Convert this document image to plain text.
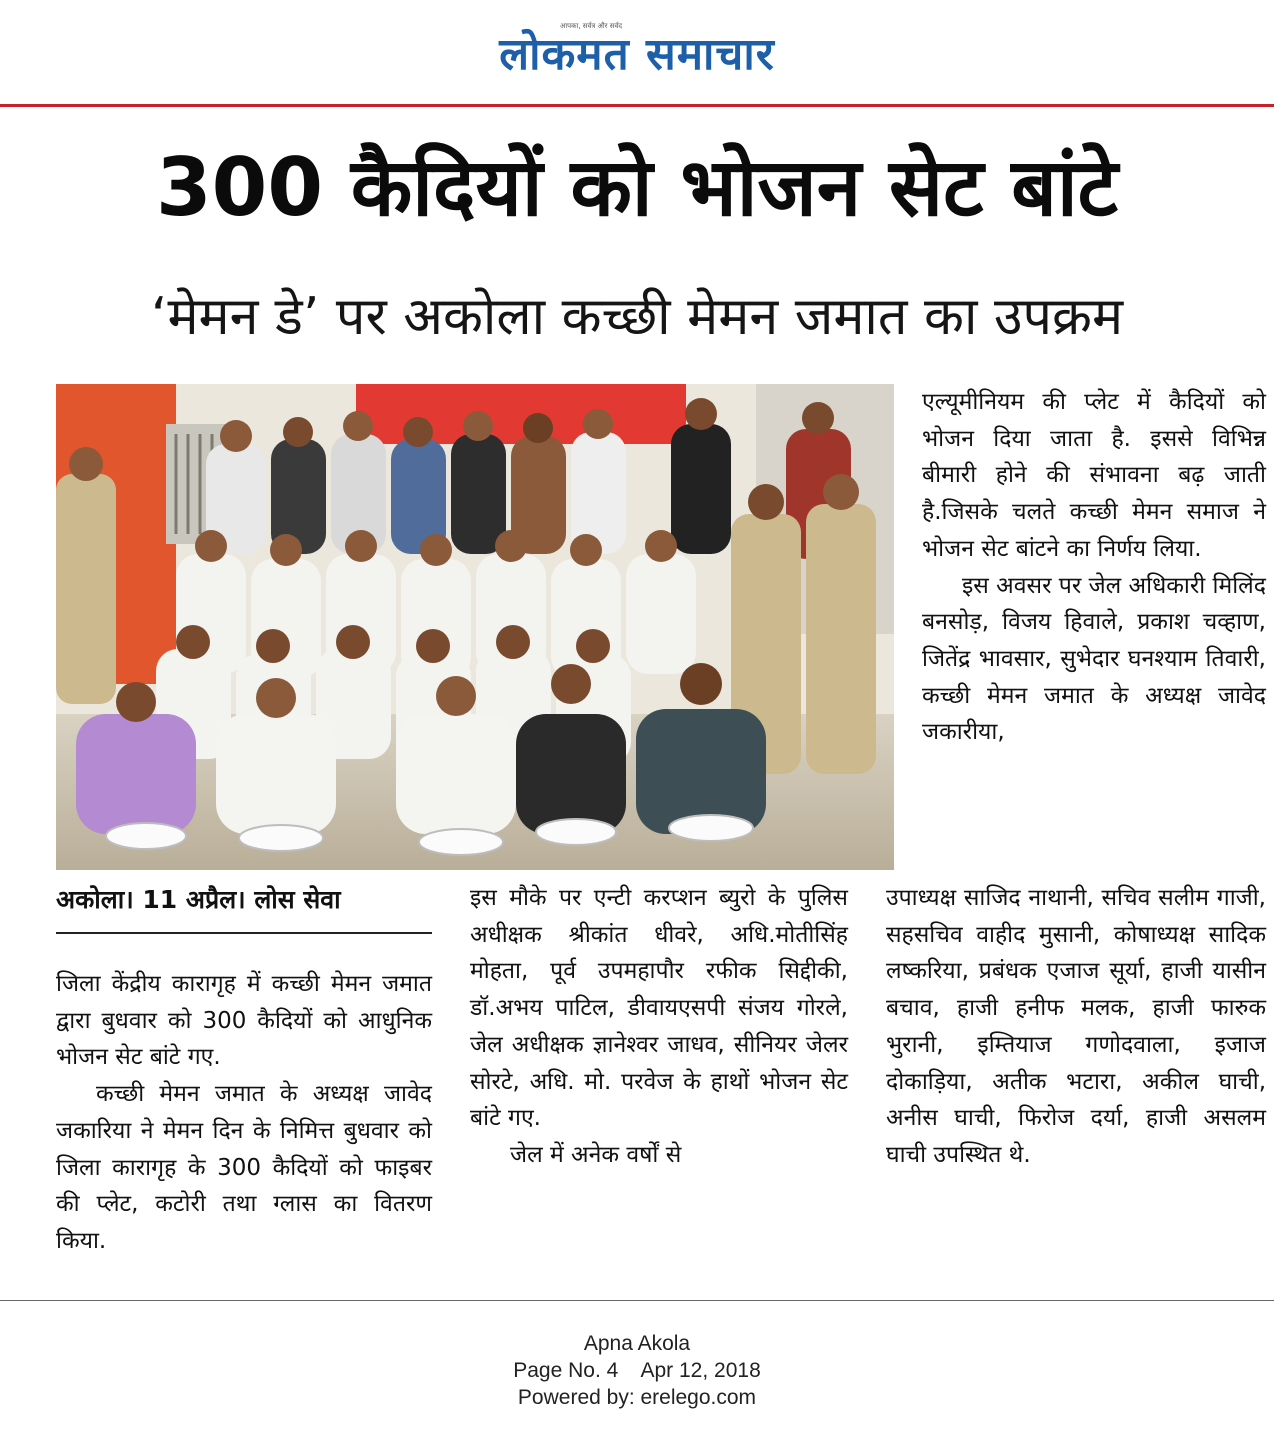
आपका, सर्वत्र और सर्वद
लोकमत समाचार
300 कैदियों को भोजन सेट बांटे
‘मेमन डे’ पर अकोला कच्छी मेमन जमात का उपक्रम
अकोला। 11 अप्रैल। लोस सेवा

जिला केंद्रीय कारागृह में कच्छी मेमन जमात द्वारा बुधवार को 300 कैदियों को आधुनिक भोजन सेट बांटे गए.

कच्छी मेमन जमात के अध्यक्ष जावेद जकारिया ने मेमन दिन के निमित्त बुधवार को जिला कारागृह के 300 कैदियों को फाइबर की प्लेट, कटोरी तथा ग्लास का वितरण किया.

इस मौके पर एन्टी करप्शन ब्युरो के पुलिस अधीक्षक श्रीकांत धीवरे, अधि.मोतीसिंह मोहता, पूर्व उपमहापौर रफीक सिद्दीकी, डॉ.अभय पाटिल, डीवायएसपी संजय गोरले, जेल अधीक्षक ज्ञानेश्वर जाधव, सीनियर जेलर सोरटे, अधि. मो. परवेज के हाथों भोजन सेट बांटे गए.

जेल में अनेक वर्षों से

एल्यूमीनियम की प्लेट में कैदियों को भोजन दिया जाता है. इससे विभिन्न बीमारी होने की संभावना बढ़ जाती है.जिसके चलते कच्छी मेमन समाज ने भोजन सेट बांटने का निर्णय लिया.

इस अवसर पर जेल अधिकारी मिलिंद बनसोड़, विजय हिवाले, प्रकाश चव्हाण, जितेंद्र भावसार, सुभेदार घनश्याम तिवारी, कच्छी मेमन जमात के अध्यक्ष जावेद जकारीया,

उपाध्यक्ष साजिद नाथानी, सचिव सलीम गाजी, सहसचिव वाहीद मुसानी, कोषाध्यक्ष सादिक लष्करिया, प्रबंधक एजाज सूर्या, हाजी यासीन बचाव, हाजी हनीफ मलक, हाजी फारुक भुरानी, इम्तियाज गणोदवाला, इजाज दोकाड़िया, अतीक भटारा, अकील घाची, अनीस घाची, फिरोज दर्या, हाजी असलम घाची उपस्थित थे.

Apna Akola
Page No. 4    Apr 12, 2018
Powered by: erelego.com
